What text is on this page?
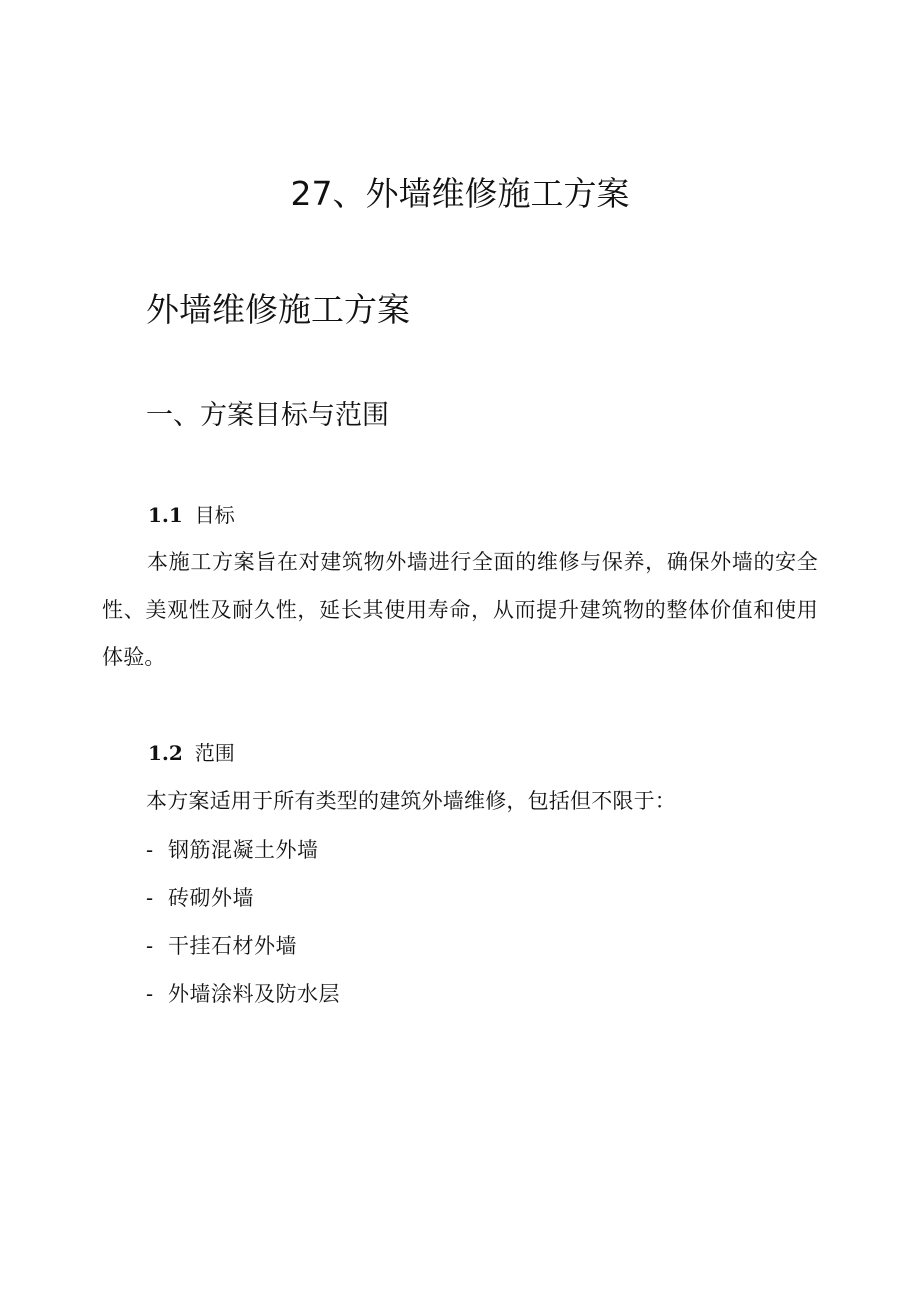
27、外墙维修施工方案
外墙维修施工方案
一、方案目标与范围
1.1 目标
本施工方案旨在对建筑物外墙进行全面的维修与保养，确保外墙的安全性、美观性及耐久性，延长其使用寿命，从而提升建筑物的整体价值和使用体验。
1.2 范围
本方案适用于所有类型的建筑外墙维修，包括但不限于：
- 钢筋混凝土外墙
- 砖砌外墙
- 干挂石材外墙
- 外墙涂料及防水层
